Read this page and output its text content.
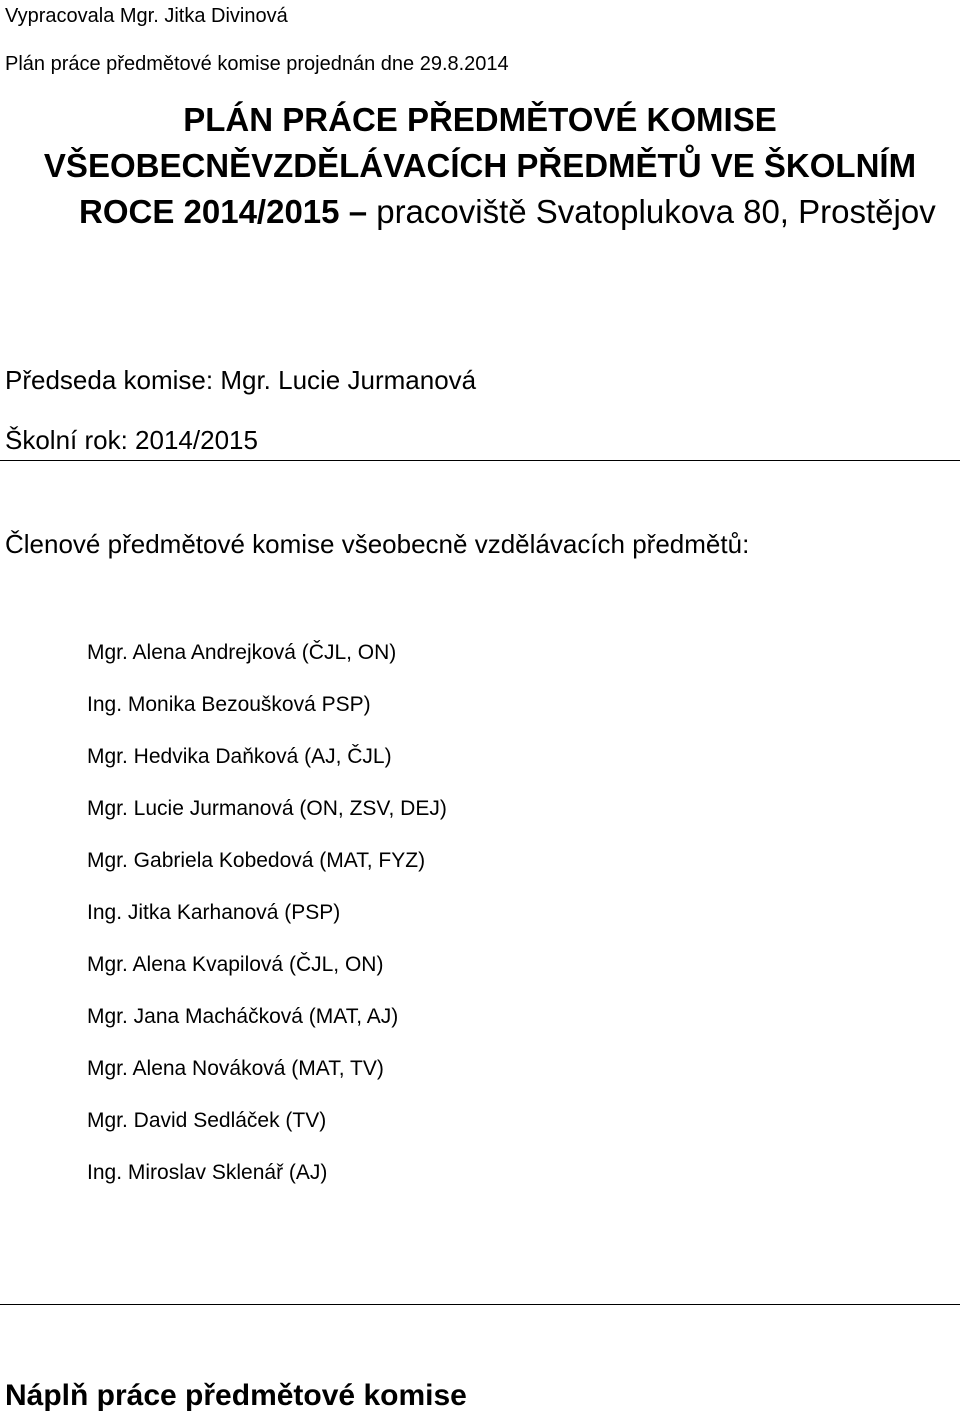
Vypracovala Mgr. Jitka Divinová
Plán práce předmětové komise projednán dne 29.8.2014
PLÁN PRÁCE PŘEDMĚTOVÉ KOMISE
VŠEOBECNĚVZDĚLÁVACÍCH PŘEDMĚTŮ VE ŠKOLNÍM
ROCE 2014/2015 – pracoviště Svatoplukova 80, Prostějov
Předseda komise: Mgr. Lucie Jurmanová
Školní rok: 2014/2015
Členové předmětové komise všeobecně vzdělávacích předmětů:
Mgr. Alena Andrejková (ČJL, ON)
Ing. Monika Bezoušková PSP)
Mgr. Hedvika Daňková (AJ, ČJL)
Mgr. Lucie Jurmanová (ON, ZSV, DEJ)
Mgr. Gabriela Kobedová (MAT, FYZ)
Ing. Jitka Karhanová (PSP)
Mgr. Alena Kvapilová (ČJL, ON)
Mgr. Jana Macháčková (MAT, AJ)
Mgr. Alena Nováková (MAT, TV)
Mgr. David Sedláček (TV)
Ing. Miroslav Sklenář (AJ)
Náplň práce předmětové komise
